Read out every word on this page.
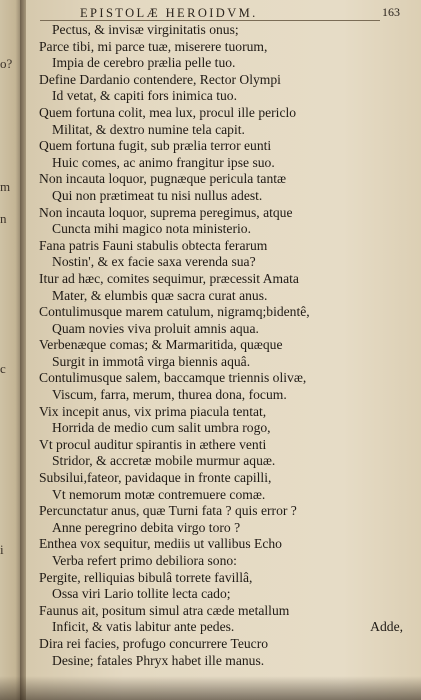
o?
m
n
c
i
EPISTOLÆ HEROIDVM.	163
Pectus, & invisæ virginitatis onus;
Parce tibi, mi parce tuæ, miserere tuorum,
Impia de cerebro prælia pelle tuo.
Define Dardanio contendere, Rector Olympi
Id vetat, & capiti fors inimica tuo.
Quem fortuna colit, mea lux, procul ille periclo
Militat, & dextro numine tela capit.
Quem fortuna fugit, sub prælia terror eunti
Huic comes, ac animo frangitur ipse suo.
Non incauta loquor, pugnæque pericula tantæ
Qui non prætimeat tu nisi nullus adest.
Non incauta loquor, suprema peregimus, atque
Cuncta mihi magico nota ministerio.
Fana patris Fauni stabulis obtecta ferarum
Nostin', & ex facie saxa verenda sua?
Itur ad hæc, comites sequimur, præcessit Amata
Mater, & elumbis quæ sacra curat anus.
Contulimusque marem catulum, nigramq;bidentê,
Quam novies viva proluit amnis aqua.
Verbenæque comas; & Marmaritida, quæque
Surgit in immotâ virga biennis aquâ.
Contulimusque salem, baccamque triennis olivæ,
Viscum, farra, merum, thurea dona, focum.
Vix incepit anus, vix prima piacula tentat,
Horrida de medio cum salit umbra rogo,
Vt procul auditur spirantis in æthere venti
Stridor, & accretæ mobile murmur aquæ.
Subsilui,fateor, pavidaque in fronte capilli,
Vt nemorum motæ contremuere comæ.
Percunctatur anus, quæ Turni fata ? quis error ?
Anne peregrino debita virgo toro ?
Enthea vox sequitur, mediis ut vallibus Echo
Verba refert primo debiliora sono:
Pergite, relliquias bibulâ torrete favillâ,
Ossa viri Lario tollite lecta cado;
Faunus ait, positum simul atra cæde metallum
Inficit, & vatis labitur ante pedes.
Dira rei facies, profugo concurrere Teucro
Desine; fatales Phryx habet ille manus.
Adde,
